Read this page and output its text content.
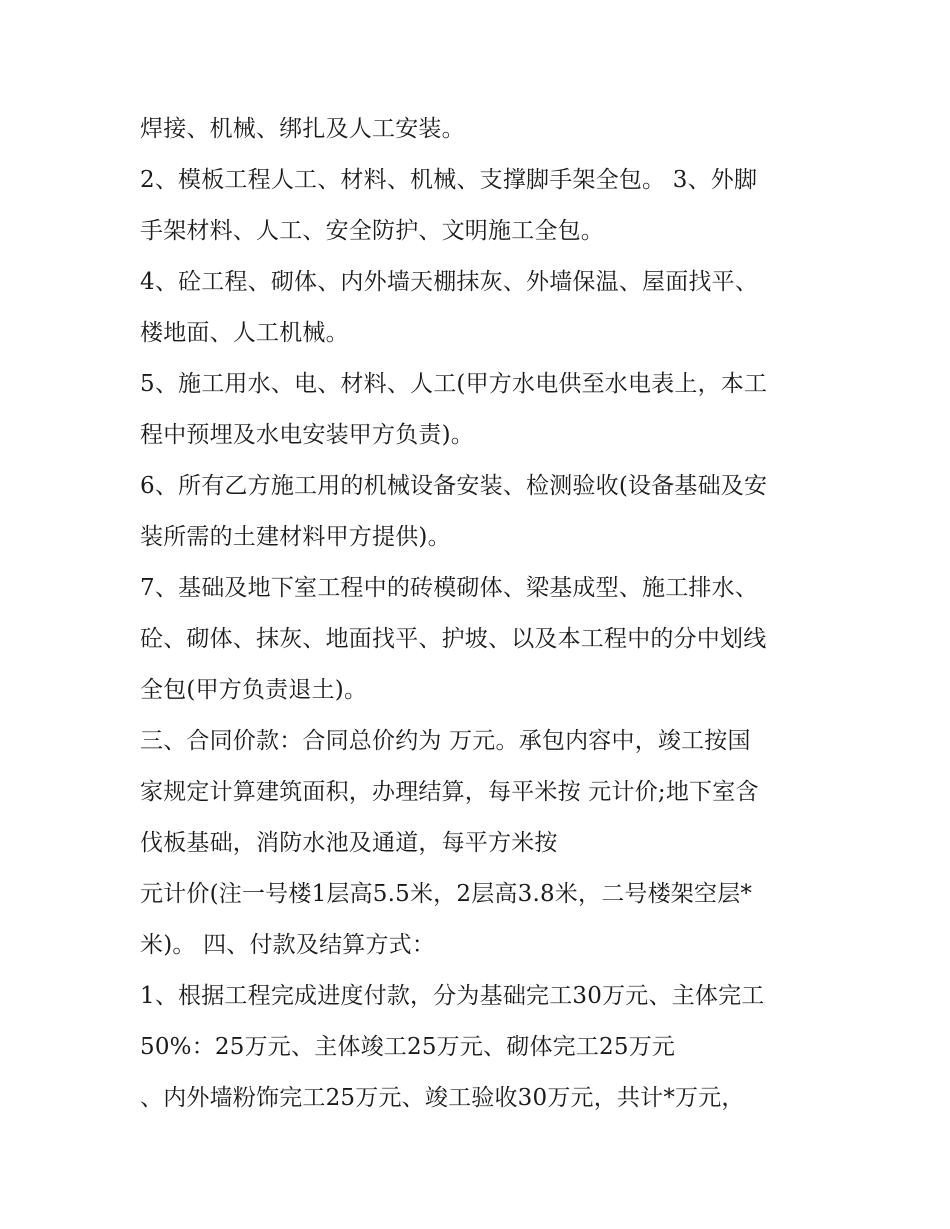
焊接、机械、绑扎及人工安装。
2、模板工程人工、材料、机械、支撑脚手架全包。 3、外脚
手架材料、人工、安全防护、文明施工全包。
4、砼工程、砌体、内外墙天棚抹灰、外墙保温、屋面找平、
楼地面、人工机械。
5、施工用水、电、材料、人工(甲方水电供至水电表上，本工
程中预埋及水电安装甲方负责)。
6、所有乙方施工用的机械设备安装、检测验收(设备基础及安
装所需的土建材料甲方提供)。
7、基础及地下室工程中的砖模砌体、梁基成型、施工排水、
砼、砌体、抹灰、地面找平、护坡、以及本工程中的分中划线
全包(甲方负责退土)。
三、合同价款：合同总价约为 万元。承包内容中，竣工按国
家规定计算建筑面积，办理结算，每平米按 元计价;地下室含
伐板基础，消防水池及通道，每平方米按
元计价(注一号楼1层高5.5米，2层高3.8米，二号楼架空层*
米)。 四、付款及结算方式：
1、根据工程完成进度付款，分为基础完工30万元、主体完工
50%：25万元、主体竣工25万元、砌体完工25万元
、内外墙粉饰完工25万元、竣工验收30万元，共计*万元，
